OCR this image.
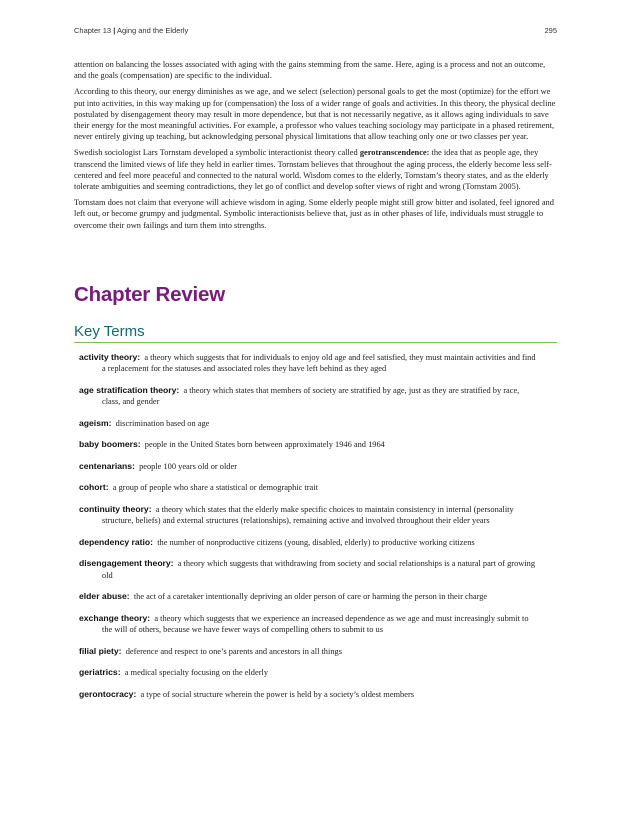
Chapter 13 | Aging and the Elderly	295

attention on balancing the losses associated with aging with the gains stemming from the same. Here, aging is a process and not an outcome, and the goals (compensation) are specific to the individual.

According to this theory, our energy diminishes as we age, and we select (selection) personal goals to get the most (optimize) for the effort we put into activities, in this way making up for (compensation) the loss of a wider range of goals and activities. In this theory, the physical decline postulated by disengagement theory may result in more dependence, but that is not necessarily negative, as it allows aging individuals to save their energy for the most meaningful activities. For example, a professor who values teaching sociology may participate in a phased retirement, never entirely giving up teaching, but acknowledging personal physical limitations that allow teaching only one or two classes per year.

Swedish sociologist Lars Tornstam developed a symbolic interactionist theory called gerotranscendence: the idea that as people age, they transcend the limited views of life they held in earlier times. Tornstam believes that throughout the aging process, the elderly become less self-centered and feel more peaceful and connected to the natural world. Wisdom comes to the elderly, Tornstam’s theory states, and as the elderly tolerate ambiguities and seeming contradictions, they let go of conflict and develop softer views of right and wrong (Tornstam 2005).

Tornstam does not claim that everyone will achieve wisdom in aging. Some elderly people might still grow bitter and isolated, feel ignored and left out, or become grumpy and judgmental. Symbolic interactionists believe that, just as in other phases of life, individuals must struggle to overcome their own failings and turn them into strengths.

Chapter Review
Key Terms

activity theory: a theory which suggests that for individuals to enjoy old age and feel satisfied, they must maintain activities and find a replacement for the statuses and associated roles they have left behind as they aged

age stratification theory: a theory which states that members of society are stratified by age, just as they are stratified by race, class, and gender

ageism: discrimination based on age

baby boomers: people in the United States born between approximately 1946 and 1964

centenarians: people 100 years old or older

cohort: a group of people who share a statistical or demographic trait

continuity theory: a theory which states that the elderly make specific choices to maintain consistency in internal (personality structure, beliefs) and external structures (relationships), remaining active and involved throughout their elder years

dependency ratio: the number of nonproductive citizens (young, disabled, elderly) to productive working citizens

disengagement theory: a theory which suggests that withdrawing from society and social relationships is a natural part of growing old

elder abuse: the act of a caretaker intentionally depriving an older person of care or harming the person in their charge

exchange theory: a theory which suggests that we experience an increased dependence as we age and must increasingly submit to the will of others, because we have fewer ways of compelling others to submit to us

filial piety: deference and respect to one’s parents and ancestors in all things

geriatrics: a medical specialty focusing on the elderly

gerontocracy: a type of social structure wherein the power is held by a society’s oldest members
